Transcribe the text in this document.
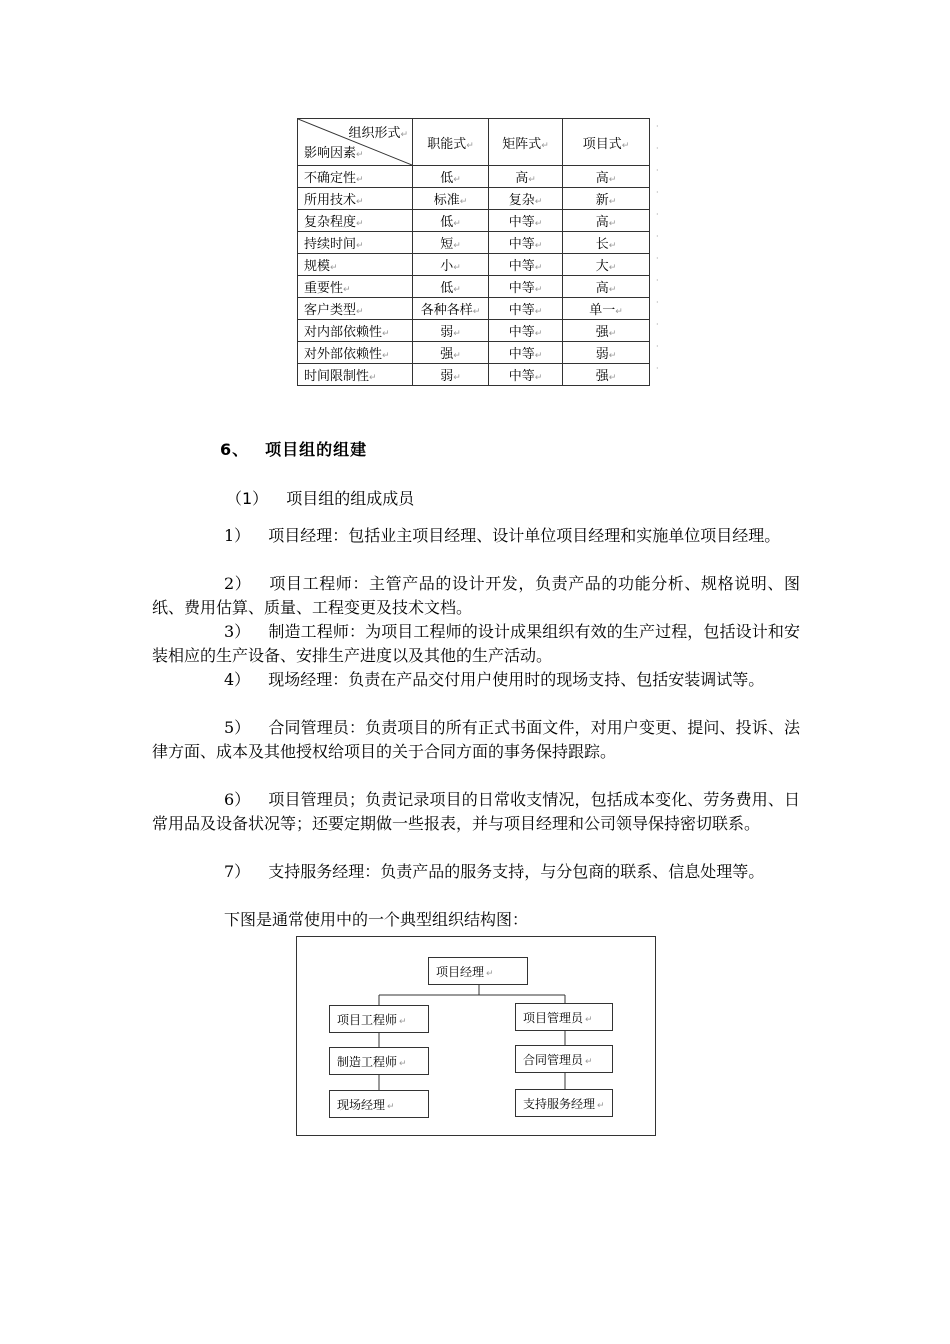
组织形式↵
影响因素↵	职能式↵	矩阵式↵	项目式↵
不确定性↵	低↵	高↵	高↵
所用技术↵	标准↵	复杂↵	新↵
复杂程度↵	低↵	中等↵	高↵
持续时间↵	短↵	中等↵	长↵
规模↵	小↵	中等↵	大↵
重要性↵	低↵	中等↵	高↵
客户类型↵	各种各样↵	中等↵	单一↵
对内部依赖性↵	弱↵	中等↵	强↵
对外部依赖性↵	强↵	中等↵	弱↵
时间限制性↵	弱↵	中等↵	强↵
·
·
·
·
·
·
·
·
·
·
·
·
6、 项目组的组建
（1） 项目组的组成成员

1） 项目经理：包括业主项目经理、设计单位项目经理和实施单位项目经理。

2） 项目工程师：主管产品的设计开发，负责产品的功能分析、规格说明、图纸、费用估算、质量、工程变更及技术文档。

3） 制造工程师：为项目工程师的设计成果组织有效的生产过程，包括设计和安装相应的生产设备、安排生产进度以及其他的生产活动。

4） 现场经理：负责在产品交付用户使用时的现场支持、包括安装调试等。

5） 合同管理员：负责项目的所有正式书面文件，对用户变更、提问、投诉、法律方面、成本及其他授权给项目的关于合同方面的事务保持跟踪。

6） 项目管理员；负责记录项目的日常收支情况，包括成本变化、劳务费用、日常用品及设备状况等；还要定期做一些报表，并与项目经理和公司领导保持密切联系。

7） 支持服务经理：负责产品的服务支持，与分包商的联系、信息处理等。

下图是通常使用中的一个典型组织结构图：

项目经理 ↵
项目工程师 ↵
制造工程师 ↵
现场经理 ↵
项目管理员 ↵
合同管理员 ↵
支持服务经理 ↵
